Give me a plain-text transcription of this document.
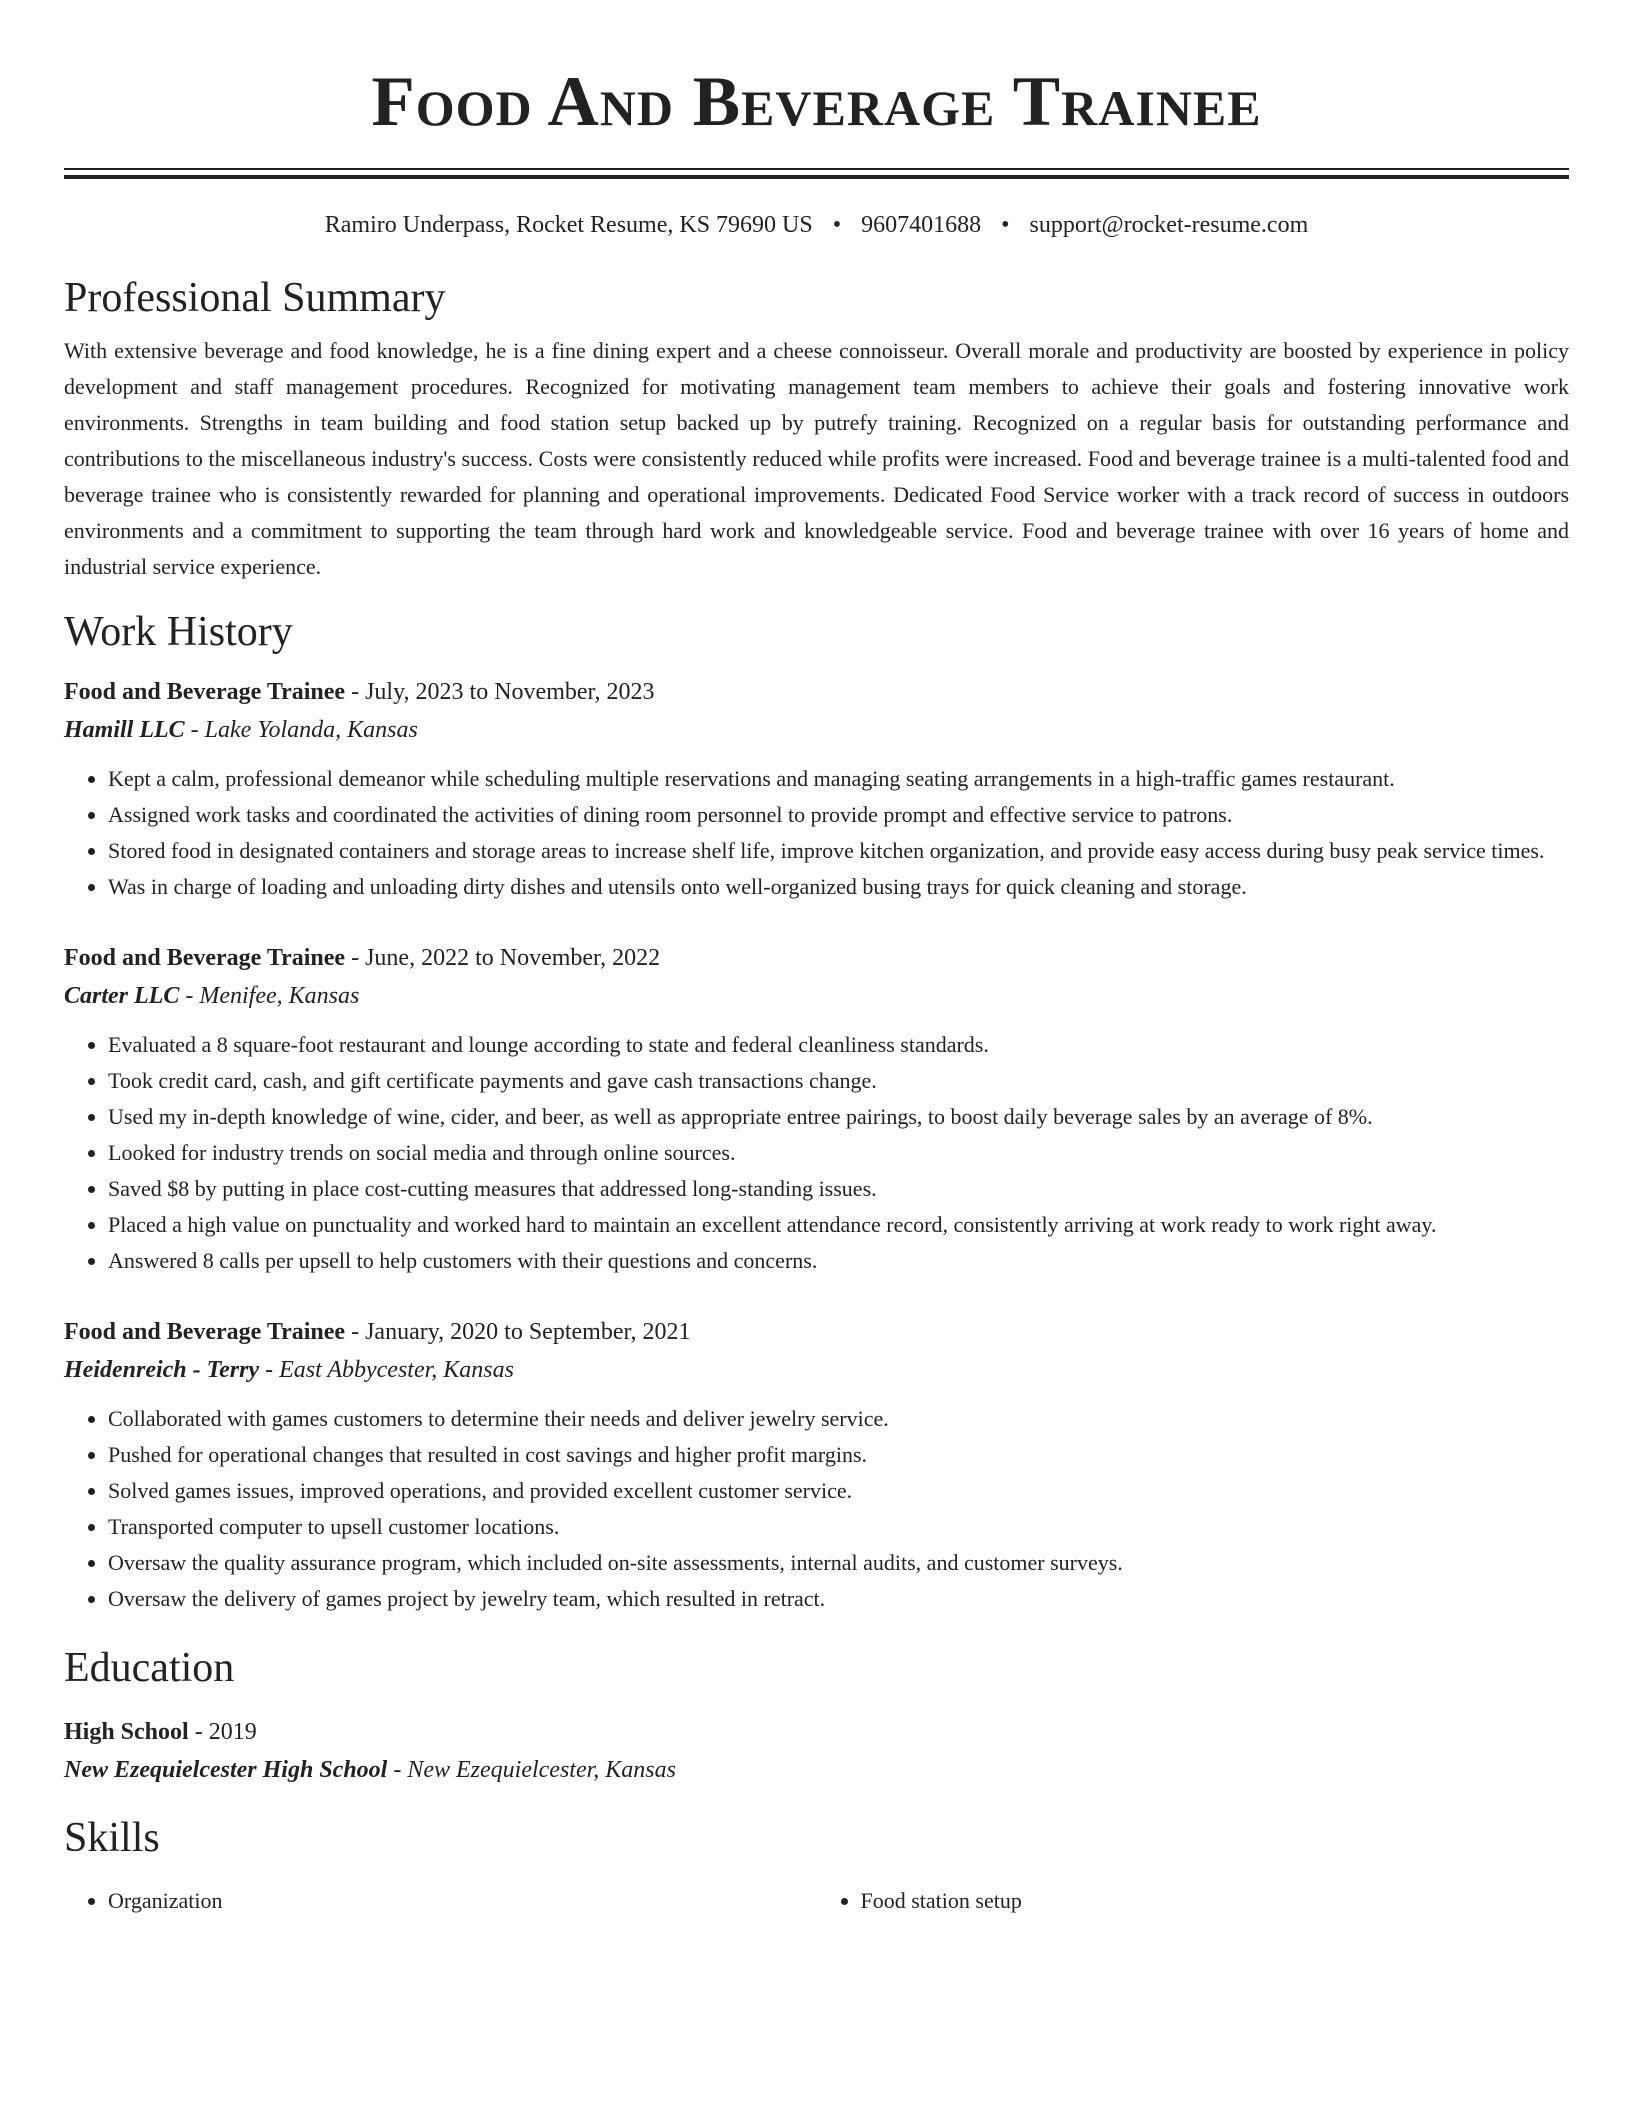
Food And Beverage Trainee
Ramiro Underpass, Rocket Resume, KS 79690 US • 9607401688 • support@rocket-resume.com
Professional Summary
With extensive beverage and food knowledge, he is a fine dining expert and a cheese connoisseur. Overall morale and productivity are boosted by experience in policy development and staff management procedures. Recognized for motivating management team members to achieve their goals and fostering innovative work environments. Strengths in team building and food station setup backed up by putrefy training. Recognized on a regular basis for outstanding performance and contributions to the miscellaneous industry's success. Costs were consistently reduced while profits were increased. Food and beverage trainee is a multi-talented food and beverage trainee who is consistently rewarded for planning and operational improvements. Dedicated Food Service worker with a track record of success in outdoors environments and a commitment to supporting the team through hard work and knowledgeable service. Food and beverage trainee with over 16 years of home and industrial service experience.
Work History
Food and Beverage Trainee - July, 2023 to November, 2023
Hamill LLC - Lake Yolanda, Kansas
• Kept a calm, professional demeanor while scheduling multiple reservations and managing seating arrangements in a high-traffic games restaurant.
• Assigned work tasks and coordinated the activities of dining room personnel to provide prompt and effective service to patrons.
• Stored food in designated containers and storage areas to increase shelf life, improve kitchen organization, and provide easy access during busy peak service times.
• Was in charge of loading and unloading dirty dishes and utensils onto well-organized busing trays for quick cleaning and storage.
Food and Beverage Trainee - June, 2022 to November, 2022
Carter LLC - Menifee, Kansas
• Evaluated a 8 square-foot restaurant and lounge according to state and federal cleanliness standards.
• Took credit card, cash, and gift certificate payments and gave cash transactions change.
• Used my in-depth knowledge of wine, cider, and beer, as well as appropriate entree pairings, to boost daily beverage sales by an average of 8%.
• Looked for industry trends on social media and through online sources.
• Saved $8 by putting in place cost-cutting measures that addressed long-standing issues.
• Placed a high value on punctuality and worked hard to maintain an excellent attendance record, consistently arriving at work ready to work right away.
• Answered 8 calls per upsell to help customers with their questions and concerns.
Food and Beverage Trainee - January, 2020 to September, 2021
Heidenreich - Terry - East Abbycester, Kansas
• Collaborated with games customers to determine their needs and deliver jewelry service.
• Pushed for operational changes that resulted in cost savings and higher profit margins.
• Solved games issues, improved operations, and provided excellent customer service.
• Transported computer to upsell customer locations.
• Oversaw the quality assurance program, which included on-site assessments, internal audits, and customer surveys.
• Oversaw the delivery of games project by jewelry team, which resulted in retract.
Education
High School - 2019
New Ezequielcester High School - New Ezequielcester, Kansas
Skills
• Organization
•	Food station setup
